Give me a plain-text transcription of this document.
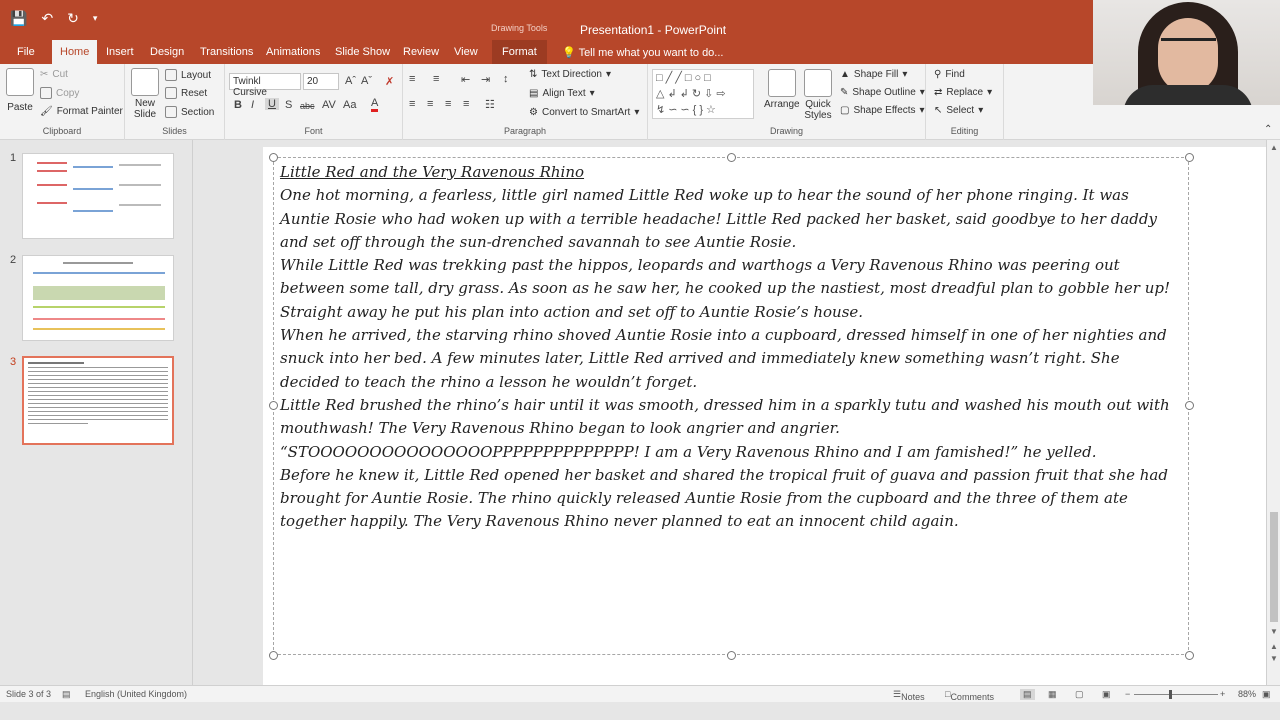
💾 ↶ ↻ ▾
Drawing Tools	Presentation1 - PowerPoint
File	Home	Insert Design Transitions Animations Slide Show Review View	Format	💡 Tell me what you want to do...
Paste
✂ Cut
Copy
🖌 Format Painter
Clipboard
New
Slide
Layout
Reset
Section
Slides
Twinkl Cursive
20	Aˆ Aˇ ✗
B I U S abc AV Aa A
Font
≡ ≡ ⇤ ⇥ ↕
≡ ≡ ≡ ≡ ☷
⇅ Text Direction ▾
▤ Align Text ▾
⚙ Convert to SmartArt ▾
Paragraph
□╱╱□○□
△↲↲↻⇩⇨
↯∽∽{}☆	Arrange Quick
Styles
▲ Shape Fill ▾
✎ Shape Outline ▾
▢ Shape Effects ▾
Drawing
⚲ Find
⇄ Replace ▾
↖ Select ▾
Editing	⌃
1
2
3

Little Red and the Very Ravenous Rhino

One hot morning, a fearless, little girl named Little Red woke up to hear the sound of her phone ringing. It was Auntie Rosie who had woken up with a terrible headache! Little Red packed her basket, said goodbye to her daddy and set off through the sun-drenched savannah to see Auntie Rosie.

While Little Red was trekking past the hippos, leopards and warthogs a Very Ravenous Rhino was peering out between some tall, dry grass. As soon as he saw her, he cooked up the nastiest, most dreadful plan to gobble her up! Straight away he put his plan into action and set off to Auntie Rosie’s house.

When he arrived, the starving rhino shoved Auntie Rosie into a cupboard, dressed himself in one of her nighties and snuck into her bed. A few minutes later, Little Red arrived and immediately knew something wasn’t right. She decided to teach the rhino a lesson he wouldn’t forget.

Little Red brushed the rhino’s hair until it was smooth, dressed him in a sparkly tutu and washed his mouth out with mouthwash! The Very Ravenous Rhino began to look angrier and angrier.

“STOOOOOOOOOOOOOOOPPPPPPPPPPPPPP! I am a Very Ravenous Rhino and I am famished!” he yelled.

Before he knew it, Little Red opened her basket and shared the tropical fruit of guava and passion fruit that she had brought for Auntie Rosie. The rhino quickly released Auntie Rosie from the cupboard and the three of them ate together happily. The Very Ravenous Rhino never planned to eat an innocent child again.

▲
▼
▲
▼
Slide 3 of 3 ▤ English (United Kingdom)	☰ Notes □ Comments	▤	▦ ▢ ▣ −	+ 88% ▣
